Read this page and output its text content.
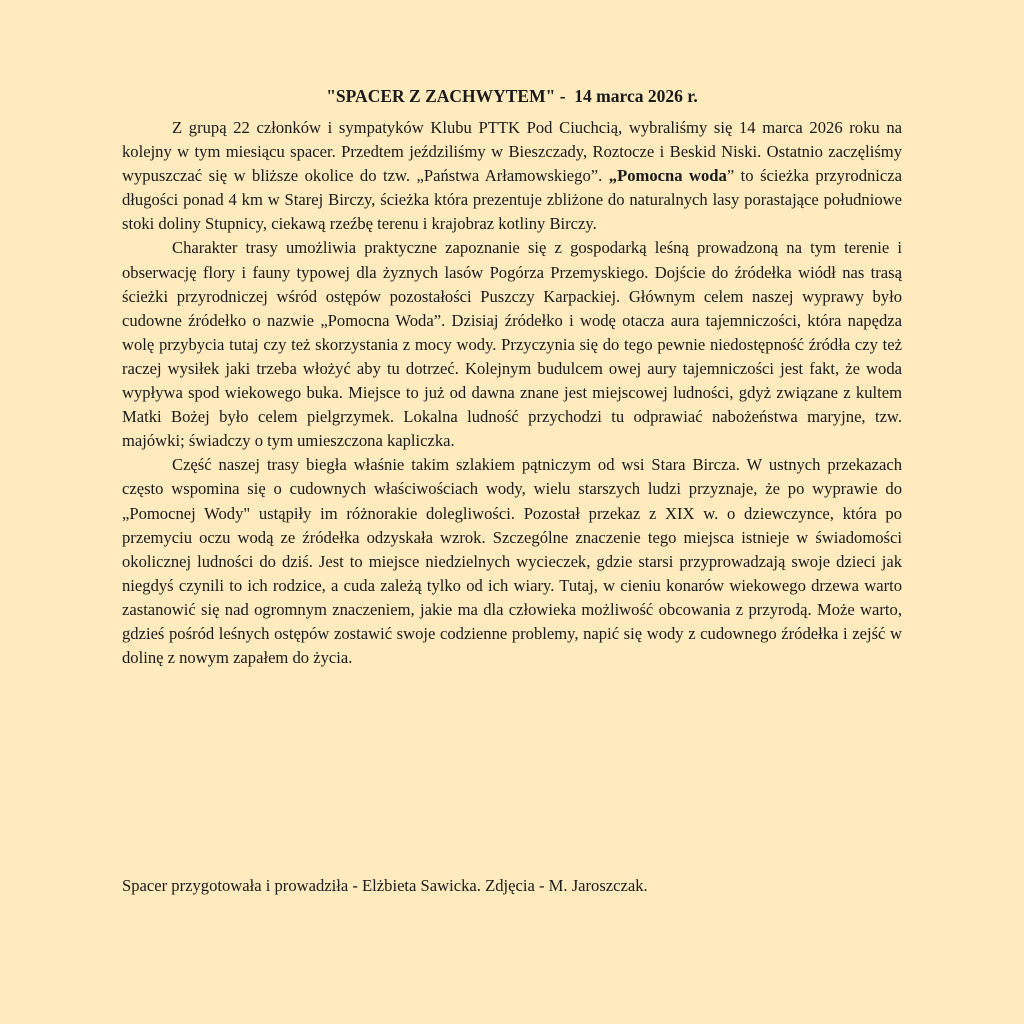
"SPACER Z ZACHWYTEM" -  14 marca 2026 r.

Z grupą 22 członków i sympatyków Klubu PTTK Pod Ciuchcią, wybraliśmy się 14 marca 2026 roku na kolejny w tym miesiącu spacer. Przedtem jeździliśmy w Bieszczady, Roztocze i Beskid Niski. Ostatnio zaczęliśmy wypuszczać się w bliższe okolice do tzw. „Państwa Arłamowskiego”. „Pomocna woda” to ścieżka przyrodnicza długości ponad 4 km w Starej Birczy, ścieżka która prezentuje zbliżone do naturalnych lasy porastające południowe stoki doliny Stupnicy, ciekawą rzeźbę terenu i krajobraz kotliny Birczy.

Charakter trasy umożliwia praktyczne zapoznanie się z gospodarką leśną prowadzoną na tym terenie i obserwację flory i fauny typowej dla żyznych lasów Pogórza Przemyskiego. Dojście do źródełka wiódł nas trasą ścieżki przyrodniczej wśród ostępów pozostałości Puszczy Karpackiej. Głównym celem naszej wyprawy było cudowne źródełko o nazwie „Pomocna Woda”. Dzisiaj źródełko i wodę otacza aura tajemniczości, która napędza wolę przybycia tutaj czy też skorzystania z mocy wody. Przyczynia się do tego pewnie niedostępność źródła czy też raczej wysiłek jaki trzeba włożyć aby tu dotrzeć. Kolejnym budulcem owej aury tajemniczości jest fakt, że woda wypływa spod wiekowego buka. Miejsce to już od dawna znane jest miejscowej ludności, gdyż związane z kultem Matki Bożej było celem pielgrzymek. Lokalna ludność przychodzi tu odprawiać nabożeństwa maryjne, tzw. majówki; świadczy o tym umieszczona kapliczka.

Część naszej trasy biegła właśnie takim szlakiem pątniczym od wsi Stara Bircza. W ustnych przekazach często wspomina się o cudownych właściwościach wody, wielu starszych ludzi przyznaje, że po wyprawie do „Pomocnej Wody" ustąpiły im różnorakie dolegliwości. Pozostał przekaz z XIX w. o dziewczynce, która po przemyciu oczu wodą ze źródełka odzyskała wzrok. Szczególne znaczenie tego miejsca istnieje w świadomości okolicznej ludności do dziś. Jest to miejsce niedzielnych wycieczek, gdzie starsi przyprowadzają swoje dzieci jak niegdyś czynili to ich rodzice, a cuda zależą tylko od ich wiary. Tutaj, w cieniu konarów wiekowego drzewa warto zastanowić się nad ogromnym znaczeniem, jakie ma dla człowieka możliwość obcowania z przyrodą. Może warto, gdzieś pośród leśnych ostępów zostawić swoje codzienne problemy, napić się wody z cudownego źródełka i zejść w dolinę z nowym zapałem do życia.

Spacer przygotowała i prowadziła - Elżbieta Sawicka. Zdjęcia - M. Jaroszczak.
